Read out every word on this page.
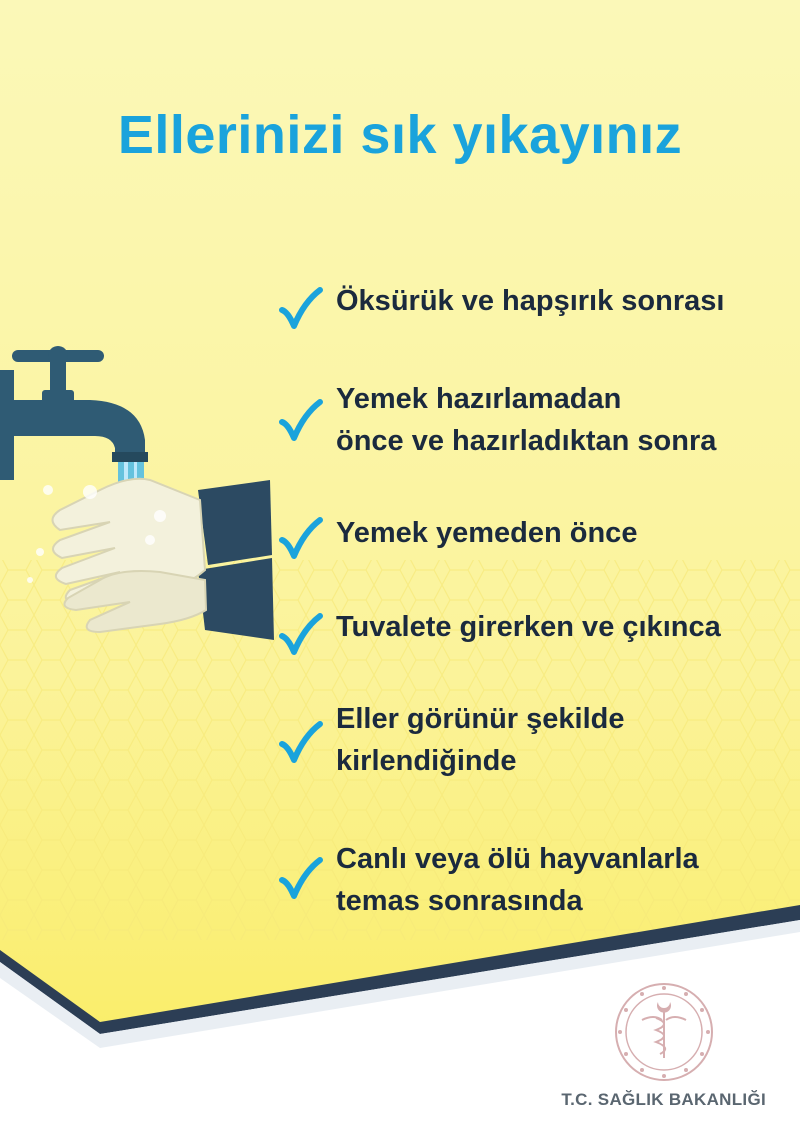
Ellerinizi sık yıkayınız
Öksürük ve hapşırık sonrası
Yemek hazırlamadan
önce ve hazırladıktan sonra
Yemek yemeden önce
Tuvalete girerken ve çıkınca
Eller görünür şekilde
kirlendiğinde
Canlı veya ölü hayvanlarla
temas sonrasında
T.C. SAĞLIK BAKANLIĞI
